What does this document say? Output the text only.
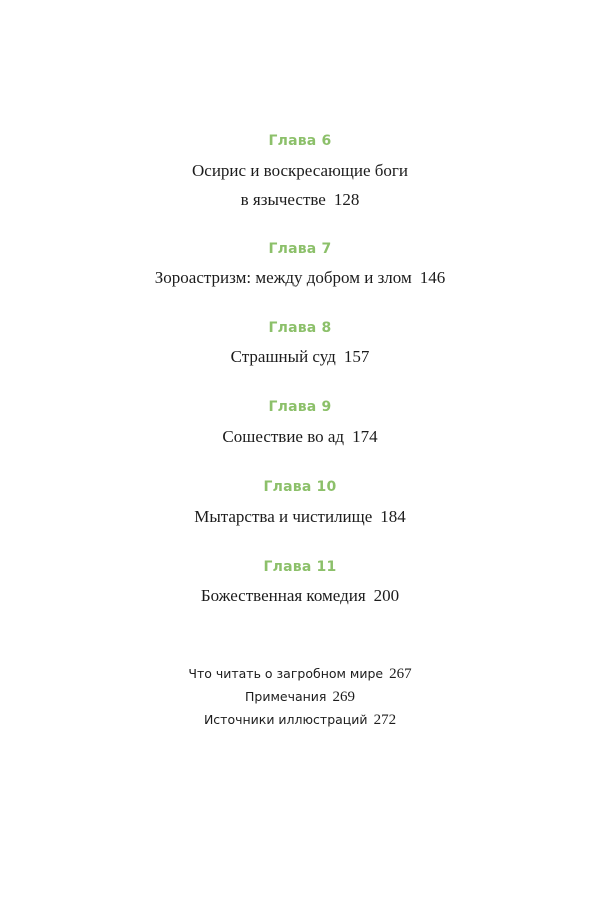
Глава 6
Осирис и воскресающие боги
в язычестве 128
Глава 7
Зороастризм: между добром и злом 146
Глава 8
Страшный суд 157
Глава 9
Сошествие во ад 174
Глава 10
Мытарства и чистилище 184
Глава 11
Божественная комедия 200
Что читать о загробном мире 267
Примечания 269
Источники иллюстраций 272
